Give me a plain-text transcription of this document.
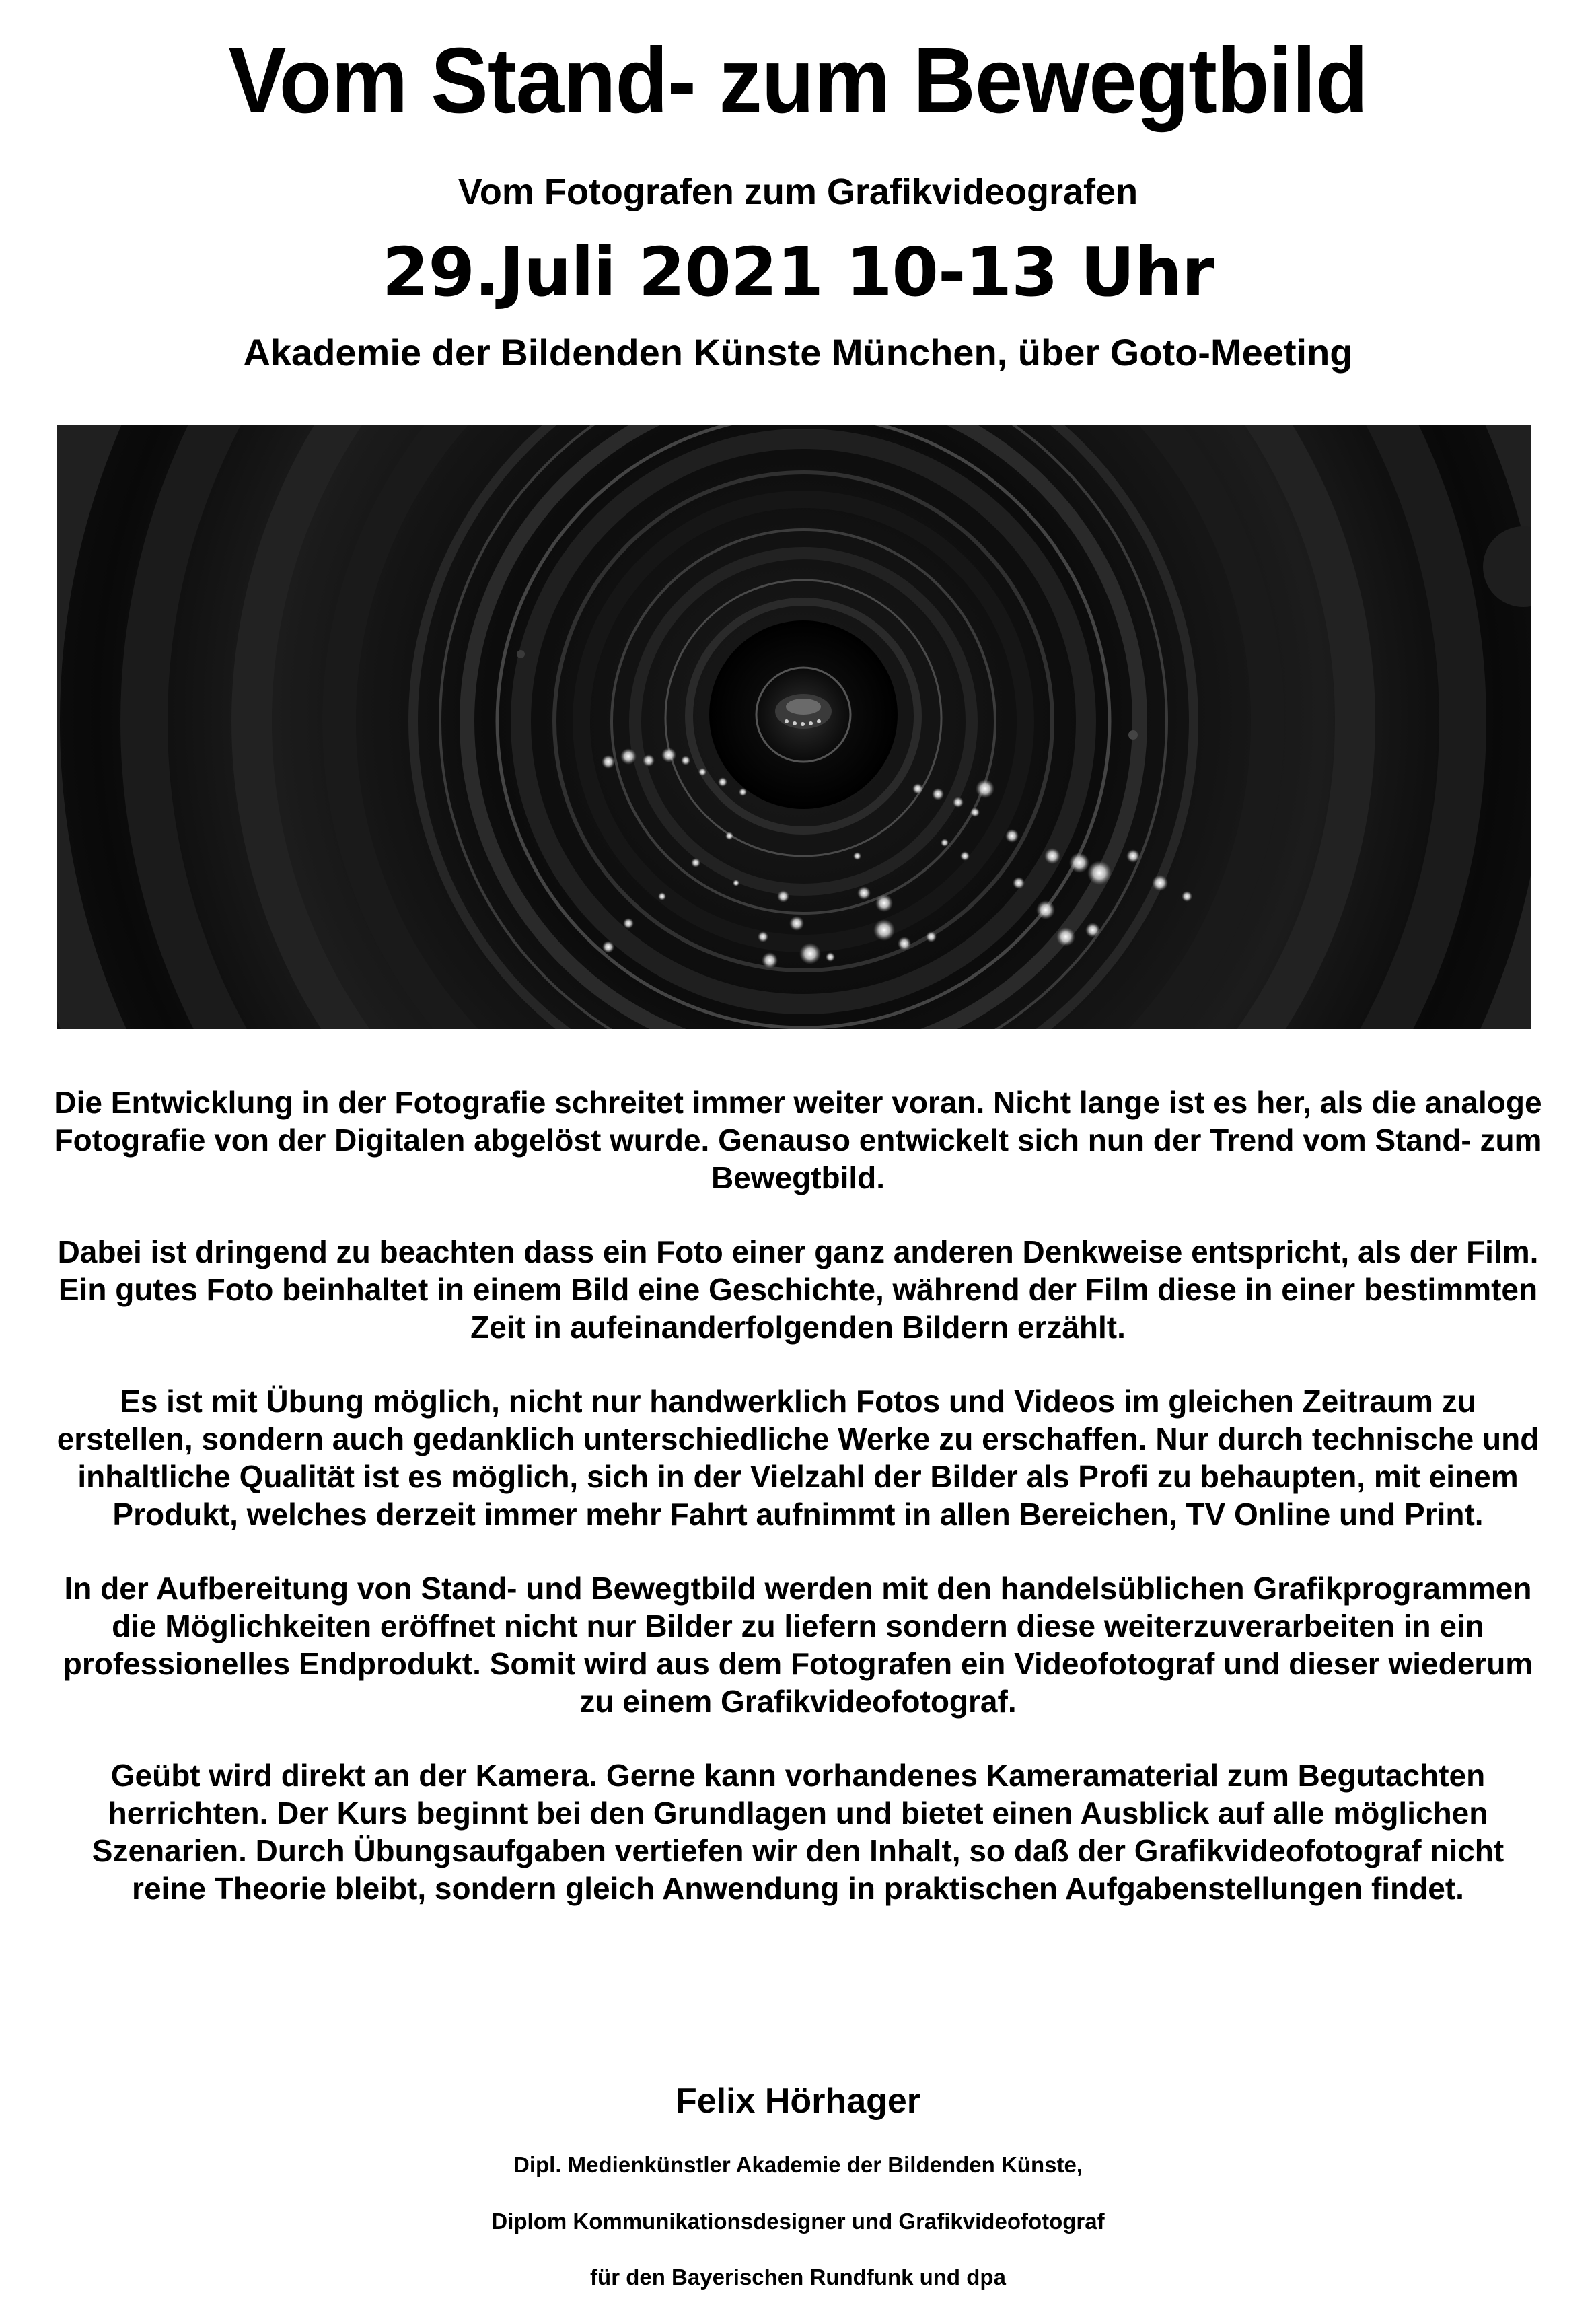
Vom Stand- zum Bewegtbild
Vom Fotografen zum Grafikvideografen
29.Juli 2021 10-13 Uhr
Akademie der Bildenden Künste München, über Goto-Meeting

Die Entwicklung in der Fotografie schreitet immer weiter voran. Nicht lange ist es her, als die analoge Fotografie von der Digitalen abgelöst wurde. Genauso entwickelt sich nun der Trend vom Stand- zum Bewegtbild.

Dabei ist dringend zu beachten dass ein Foto einer ganz anderen Denkweise entspricht, als der Film. Ein gutes Foto beinhaltet in einem Bild eine Geschichte, während der Film diese in einer bestimmten Zeit in aufeinanderfolgenden Bildern erzählt.

Es ist mit Übung möglich, nicht nur handwerklich Fotos und Videos im gleichen Zeitraum zu erstellen, sondern auch gedanklich unterschiedliche Werke zu erschaffen. Nur durch technische und inhaltliche Qualität ist es möglich, sich in der Vielzahl der Bilder als Profi zu behaupten, mit einem Produkt, welches derzeit immer mehr Fahrt aufnimmt in allen Bereichen, TV Online und Print.

In der Aufbereitung von Stand- und Bewegtbild werden mit den handelsüblichen Grafikprogrammen die Möglichkeiten eröffnet nicht nur Bilder zu liefern sondern diese weiterzuverarbeiten in ein professionelles Endprodukt. Somit wird aus dem Fotografen ein Videofotograf und dieser wiederum zu einem Grafikvideofotograf.

Geübt wird direkt an der Kamera. Gerne kann vorhandenes Kameramaterial zum Begutachten herrichten. Der Kurs beginnt bei den Grundlagen und bietet einen Ausblick auf alle möglichen Szenarien. Durch Übungsaufgaben vertiefen wir den Inhalt, so daß der Grafikvideofotograf nicht reine Theorie bleibt, sondern gleich Anwendung in praktischen Aufgabenstellungen findet.

Felix Hörhager
Dipl. Medienkünstler Akademie der Bildenden Künste,
Diplom Kommunikationsdesigner und Grafikvideofotograf
für den Bayerischen Rundfunk und dpa
